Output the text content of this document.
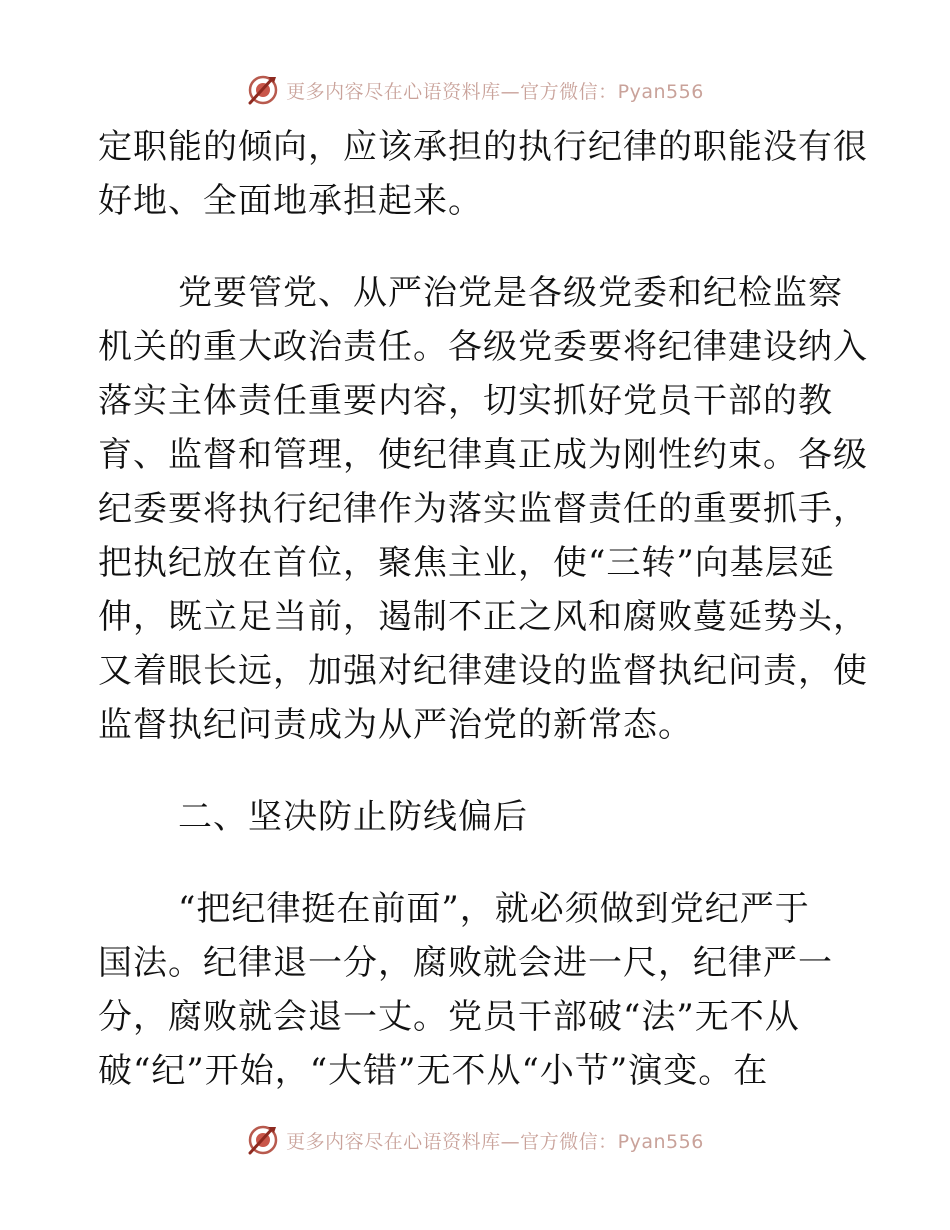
更多内容尽在心语资料库—官方微信：Pyan556
定职能的倾向，应该承担的执行纪律的职能没有很
好地、全面地承担起来。
党要管党、从严治党是各级党委和纪检监察
机关的重大政治责任。各级党委要将纪律建设纳入
落实主体责任重要内容，切实抓好党员干部的教
育、监督和管理，使纪律真正成为刚性约束。各级
纪委要将执行纪律作为落实监督责任的重要抓手，
把执纪放在首位，聚焦主业，使“三转”向基层延
伸，既立足当前，遏制不正之风和腐败蔓延势头，
又着眼长远，加强对纪律建设的监督执纪问责，使
监督执纪问责成为从严治党的新常态。
二、坚决防止防线偏后
“把纪律挺在前面”，就必须做到党纪严于
国法。纪律退一分，腐败就会进一尺，纪律严一
分，腐败就会退一丈。党员干部破“法”无不从
破“纪”开始，“大错”无不从“小节”演变。在
更多内容尽在心语资料库—官方微信：Pyan556
